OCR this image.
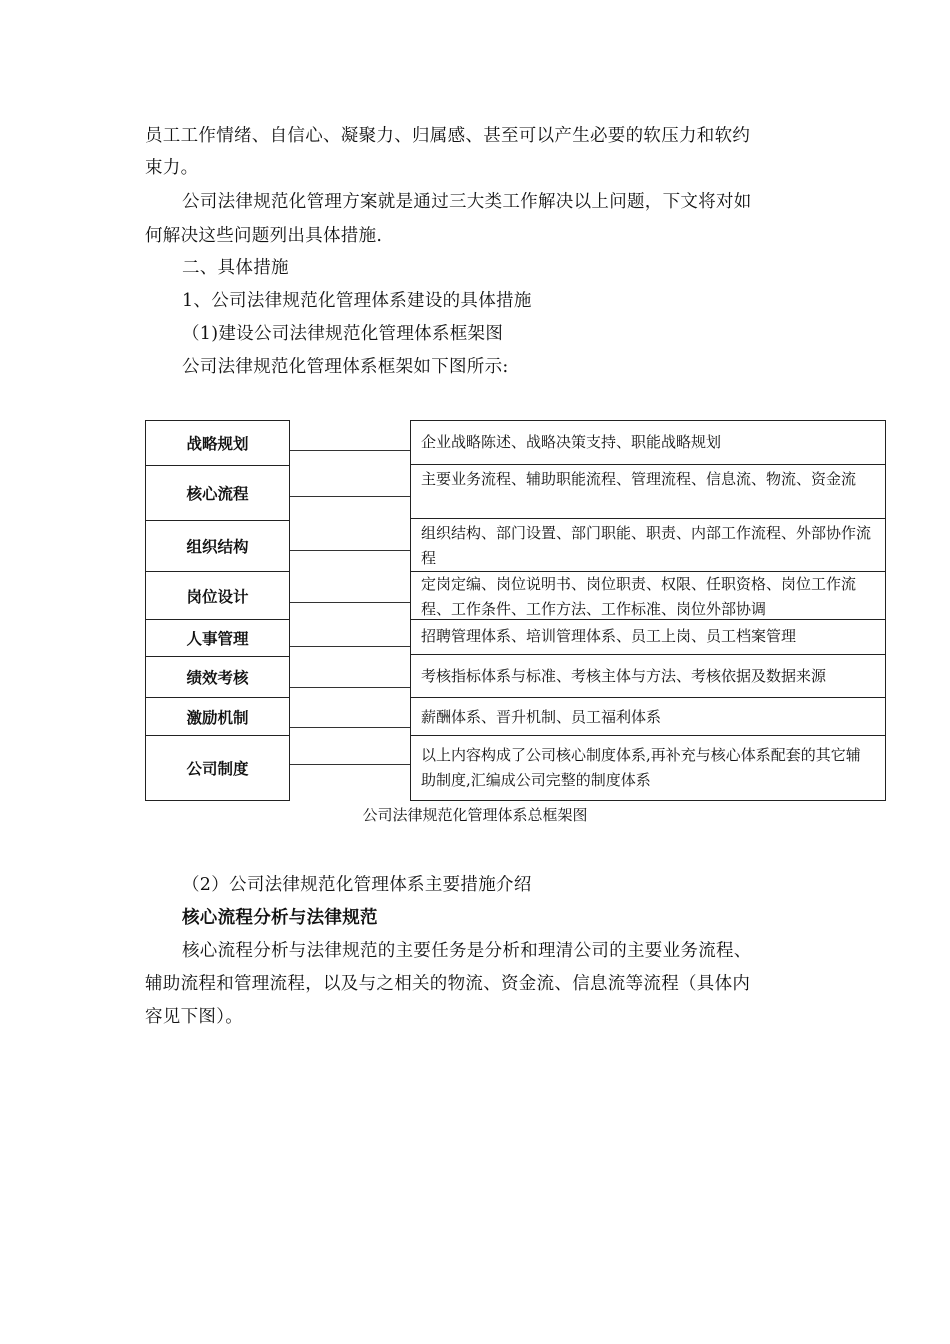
员工工作情绪、自信心、凝聚力、归属感、甚至可以产生必要的软压力和软约
束力。
公司法律规范化管理方案就是通过三大类工作解决以上问题，下文将对如
何解决这些问题列出具体措施.
二、具体措施
1、公司法律规范化管理体系建设的具体措施
（1)建设公司法律规范化管理体系框架图
公司法律规范化管理体系框架如下图所示:
战略规划
核心流程
组织结构
岗位设计
人事管理
绩效考核
激励机制
公司制度
企业战略陈述、战略决策支持、职能战略规划
主要业务流程、辅助职能流程、管理流程、信息流、物流、资金流
组织结构、部门设置、部门职能、职责、内部工作流程、外部协作流程
定岗定编、岗位说明书、岗位职责、权限、任职资格、岗位工作流程、工作条件、工作方法、工作标准、岗位外部协调
招聘管理体系、培训管理体系、员工上岗、员工档案管理
考核指标体系与标准、考核主体与方法、考核依据及数据来源
薪酬体系、晋升机制、员工福利体系
以上内容构成了公司核心制度体系,再补充与核心体系配套的其它辅助制度,汇编成公司完整的制度体系
公司法律规范化管理体系总框架图
（2）公司法律规范化管理体系主要措施介绍
核心流程分析与法律规范
核心流程分析与法律规范的主要任务是分析和理清公司的主要业务流程、
辅助流程和管理流程，以及与之相关的物流、资金流、信息流等流程（具体内
容见下图）。
